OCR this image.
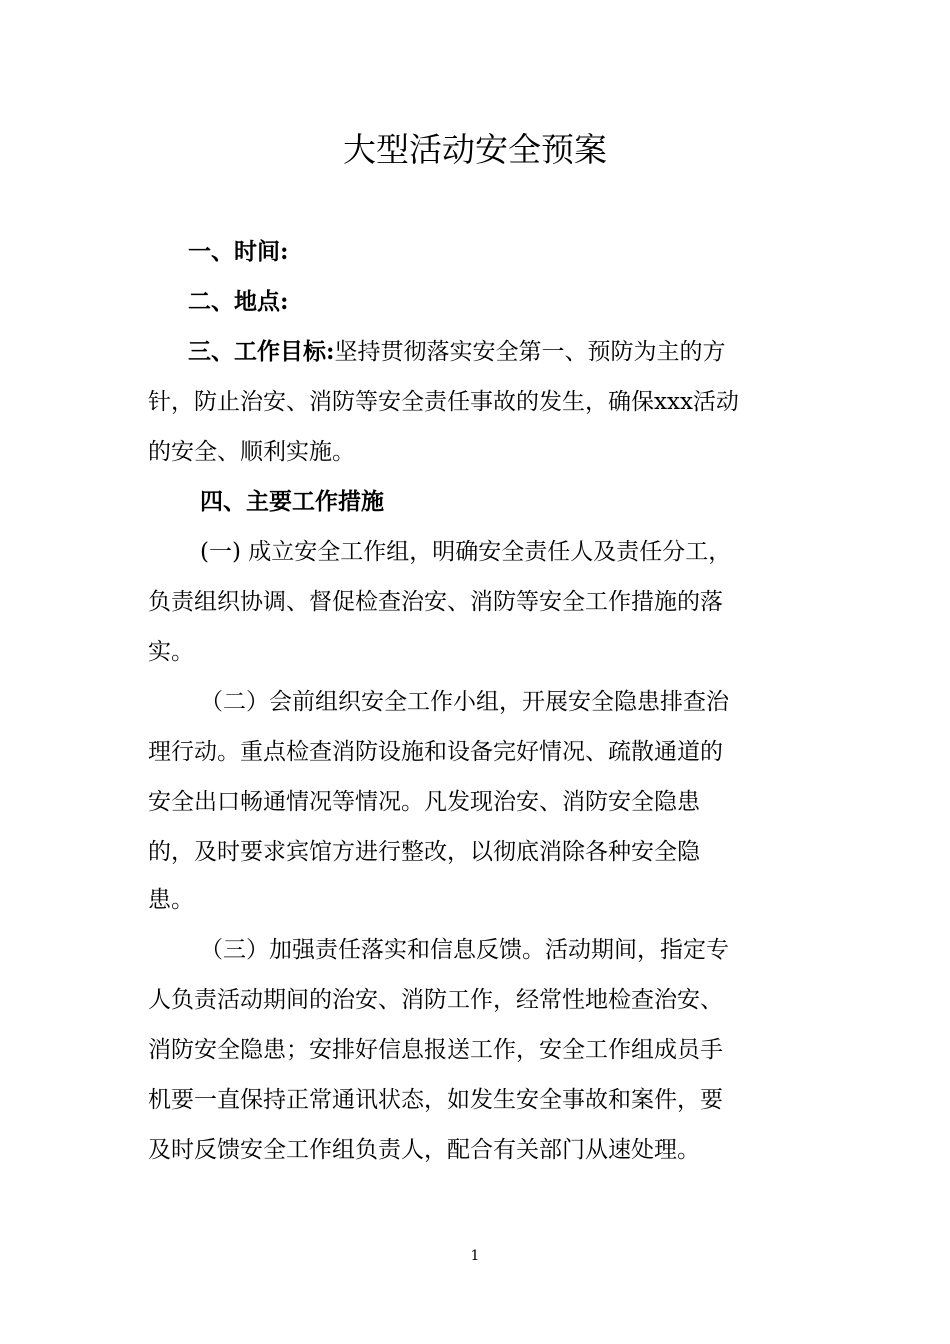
大型活动安全预案
一、时间:
二、地点:
三、工作目标:坚持贯彻落实安全第一、预防为主的方
针，防止治安、消防等安全责任事故的发生，确保xxx活动
的安全、顺利实施。
四、主要工作措施
(一) 成立安全工作组，明确安全责任人及责任分工，
负责组织协调、督促检查治安、消防等安全工作措施的落
实。
（二）会前组织安全工作小组，开展安全隐患排查治
理行动。重点检查消防设施和设备完好情况、疏散通道的
安全出口畅通情况等情况。凡发现治安、消防安全隐患
的，及时要求宾馆方进行整改，以彻底消除各种安全隐
患。
（三）加强责任落实和信息反馈。活动期间，指定专
人负责活动期间的治安、消防工作，经常性地检查治安、
消防安全隐患；安排好信息报送工作，安全工作组成员手
机要一直保持正常通讯状态，如发生安全事故和案件，要
及时反馈安全工作组负责人，配合有关部门从速处理。
1
